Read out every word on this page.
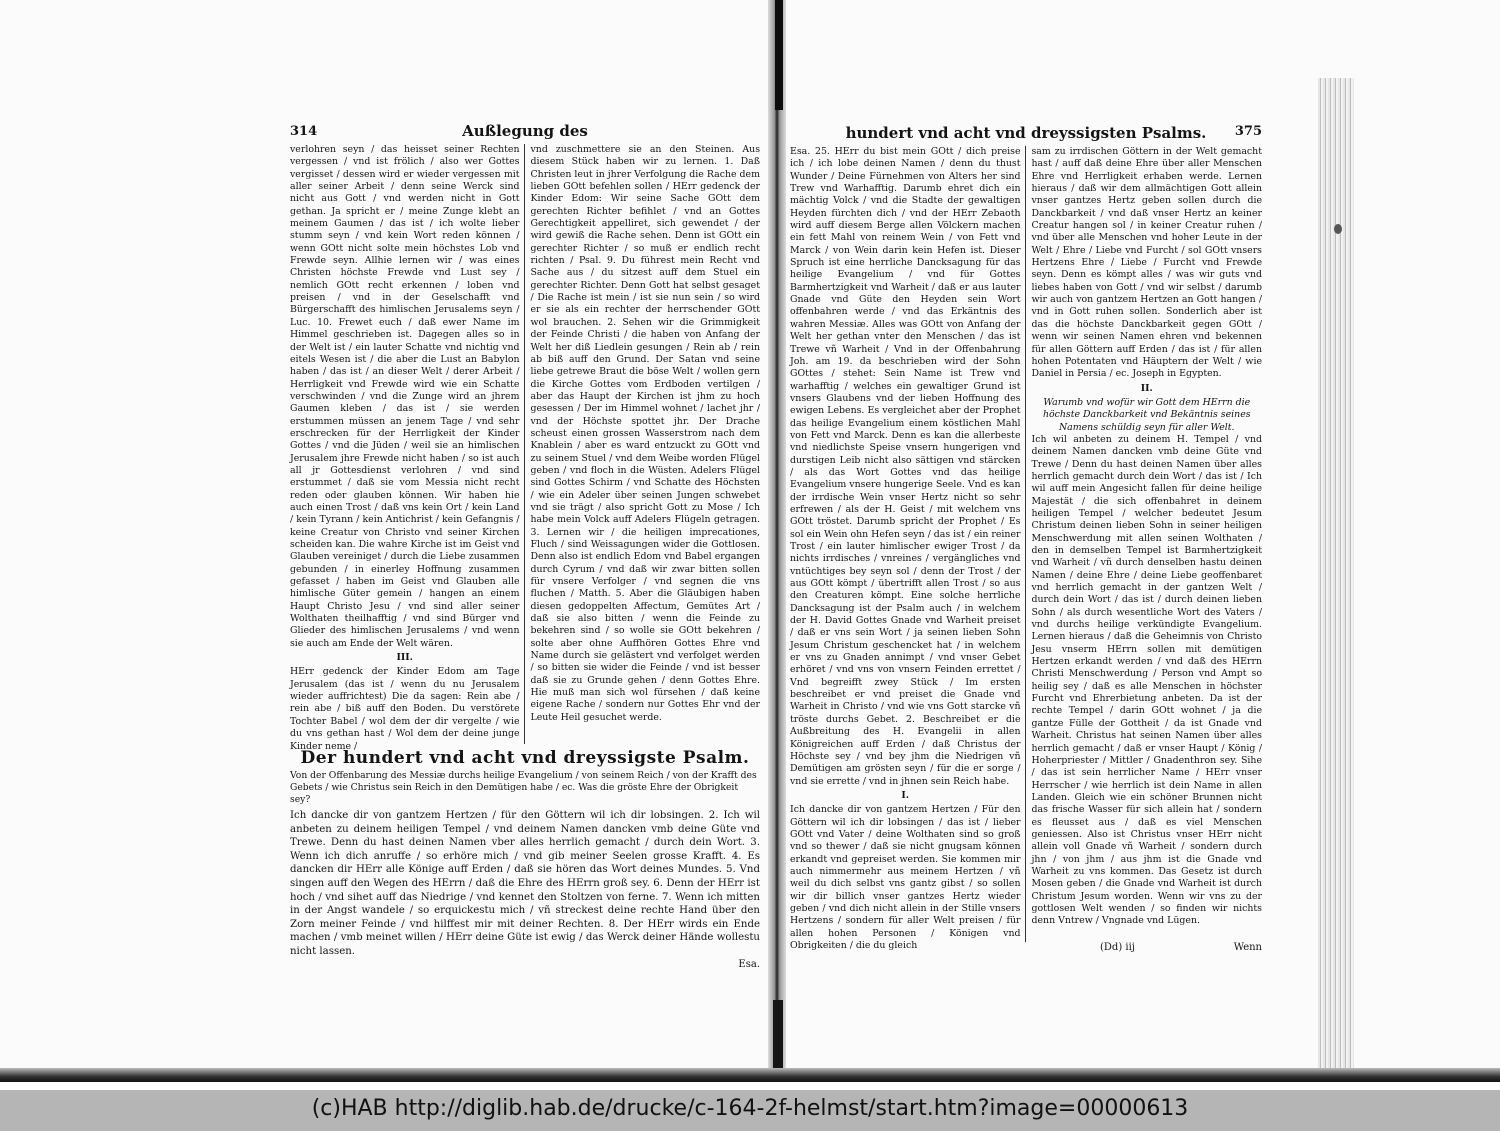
314	Außlegung des
verlohren seyn / das heisset seiner Rechten vergessen / vnd ist frölich / also wer Gottes vergisset / dessen wird er wieder vergessen mit aller seiner Arbeit / denn seine Werck sind nicht aus Gott / vnd werden nicht in Gott gethan. Ja spricht er / meine Zunge klebt an meinem Gaumen / das ist / ich wolte lieber stumm seyn / vnd kein Wort reden können / wenn GOtt nicht solte mein höchstes Lob vnd Frewde seyn. Allhie lernen wir / was eines Christen höchste Frewde vnd Lust sey / nemlich GOtt recht erkennen / loben vnd preisen / vnd in der Geselschafft vnd Bürgerschafft des himlischen Jerusalems seyn / Luc. 10. Frewet euch / daß ewer Name im Himmel geschrieben ist. Dagegen alles so in der Welt ist / ein lauter Schatte vnd nichtig vnd eitels Wesen ist / die aber die Lust an Babylon haben / das ist / an dieser Welt / derer Arbeit / Herrligkeit vnd Frewde wird wie ein Schatte verschwinden / vnd die Zunge wird an jhrem Gaumen kleben / das ist / sie werden erstummen müssen an jenem Tage / vnd sehr erschrecken für der Herrligkeit der Kinder Gottes / vnd die Jüden / weil sie an himlischen Jerusalem jhre Frewde nicht haben / so ist auch all jr Gottesdienst verlohren / vnd sind erstummet / daß sie vom Messia nicht recht reden oder glauben können. Wir haben hie auch einen Trost / daß vns kein Ort / kein Land / kein Tyrann / kein Antichrist / kein Gefangnis / keine Creatur von Christo vnd seiner Kirchen scheiden kan. Die wahre Kirche ist im Geist vnd Glauben vereiniget / durch die Liebe zusammen gebunden / in einerley Hoffnung zusammen gefasset / haben im Geist vnd Glauben alle himlische Güter gemein / hangen an einem Haupt Christo Jesu / vnd sind aller seiner Wolthaten theilhafftig / vnd sind Bürger vnd Glieder des himlischen Jerusalems / vnd wenn sie auch am Ende der Welt wären.
III.
HErr gedenck der Kinder Edom am Tage Jerusalem (das ist / wenn du nu Jerusalem wieder auffrichtest) Die da sagen: Rein abe / rein abe / biß auff den Boden. Du verstörete Tochter Babel / wol dem der dir vergelte / wie du vns gethan hast / Wol dem der deine junge Kinder neme /
vnd zuschmettere sie an den Steinen. Aus diesem Stück haben wir zu lernen. 1. Daß Christen leut in jhrer Verfolgung die Rache dem lieben GOtt befehlen sollen / HErr gedenck der Kinder Edom: Wir seine Sache GOtt dem gerechten Richter befihlet / vnd an Gottes Gerechtigkeit appelliret, sich gewendet / der wird gewiß die Rache sehen. Denn ist GOtt ein gerechter Richter / so muß er endlich recht richten / Psal. 9. Du führest mein Recht vnd Sache aus / du sitzest auff dem Stuel ein gerechter Richter. Denn Gott hat selbst gesaget / Die Rache ist mein / ist sie nun sein / so wird er sie als ein rechter der herrschender GOtt wol brauchen. 2. Sehen wir die Grimmigkeit der Feinde Christi / die haben von Anfang der Welt her diß Liedlein gesungen / Rein ab / rein ab biß auff den Grund. Der Satan vnd seine liebe getrewe Braut die böse Welt / wollen gern die Kirche Gottes vom Erdboden vertilgen / aber das Haupt der Kirchen ist jhm zu hoch gesessen / Der im Himmel wohnet / lachet jhr / vnd der Höchste spottet jhr. Der Drache scheust einen grossen Wasserstrom nach dem Knablein / aber es ward entzuckt zu GOtt vnd zu seinem Stuel / vnd dem Weibe worden Flügel geben / vnd floch in die Wüsten. Adelers Flügel sind Gottes Schirm / vnd Schatte des Höchsten / wie ein Adeler über seinen Jungen schwebet vnd sie trägt / also spricht Gott zu Mose / Ich habe mein Volck auff Adelers Flügeln getragen. 3. Lernen wir / die heiligen imprecationes, Fluch / sind Weissagungen wider die Gottlosen. Denn also ist endlich Edom vnd Babel ergangen durch Cyrum / vnd daß wir zwar bitten sollen für vnsere Verfolger / vnd segnen die vns fluchen / Matth. 5. Aber die Gläubigen haben diesen gedoppelten Affectum, Gemütes Art / daß sie also bitten / wenn die Feinde zu bekehren sind / so wolle sie GOtt bekehren / solte aber ohne Auffhören Gottes Ehre vnd Name durch sie gelästert vnd verfolget werden / so bitten sie wider die Feinde / vnd ist besser daß sie zu Grunde gehen / denn Gottes Ehre. Hie muß man sich wol fürsehen / daß keine eigene Rache / sondern nur Gottes Ehr vnd der Leute Heil gesuchet werde.
Der hundert vnd acht vnd dreyssigste Psalm.
Von der Offenbarung des Messiæ durchs heilige Evangelium / von seinem Reich / von der Krafft des Gebets / wie Christus sein Reich in den Demütigen habe / ec. Was die gröste Ehre der Obrigkeit sey?
Ich dancke dir von gantzem Hertzen / für den Göttern wil ich dir lobsingen. 2. Ich wil anbeten zu deinem heiligen Tempel / vnd deinem Namen dancken vmb deine Güte vnd Trewe. Denn du hast deinen Namen vber alles herrlich gemacht / durch dein Wort. 3. Wenn ich dich anruffe / so erhöre mich / vnd gib meiner Seelen grosse Krafft. 4. Es dancken dir HErr alle Könige auff Erden / daß sie hören das Wort deines Mundes. 5. Vnd singen auff den Wegen des HErrn / daß die Ehre des HErrn groß sey. 6. Denn der HErr ist hoch / vnd sihet auff das Niedrige / vnd kennet den Stoltzen von ferne. 7. Wenn ich mitten in der Angst wandele / so erquickestu mich / vñ streckest deine rechte Hand über den Zorn meiner Feinde / vnd hilffest mir mit deiner Rechten. 8. Der HErr wirds ein Ende machen / vmb meinet willen / HErr deine Güte ist ewig / das Werck deiner Hände wollestu nicht lassen.
Esa.
hundert vnd acht vnd dreyssigsten Psalms.	375
Esa. 25. HErr du bist mein GOtt / dich preise ich / ich lobe deinen Namen / denn du thust Wunder / Deine Fürnehmen von Alters her sind Trew vnd Warhafftig. Darumb ehret dich ein mächtig Volck / vnd die Stadte der gewaltigen Heyden fürchten dich / vnd der HErr Zebaoth wird auff diesem Berge allen Völckern machen ein fett Mahl von reinem Wein / von Fett vnd Marck / von Wein darin kein Hefen ist. Dieser Spruch ist eine herrliche Dancksagung für das heilige Evangelium / vnd für Gottes Barmhertzigkeit vnd Warheit / daß er aus lauter Gnade vnd Güte den Heyden sein Wort offenbahren werde / vnd das Erkäntnis des wahren Messiæ. Alles was GOtt von Anfang der Welt her gethan vnter den Menschen / das ist Trewe vñ Warheit / Vnd in der Offenbahrung Joh. am 19. da beschrieben wird der Sohn GOttes / stehet: Sein Name ist Trew vnd warhafftig / welches ein gewaltiger Grund ist vnsers Glaubens vnd der lieben Hoffnung des ewigen Lebens. Es vergleichet aber der Prophet das heilige Evangelium einem köstlichen Mahl von Fett vnd Marck. Denn es kan die allerbeste vnd niedlichste Speise vnsern hungerigen vnd durstigen Leib nicht also sättigen vnd stärcken / als das Wort Gottes vnd das heilige Evangelium vnsere hungerige Seele. Vnd es kan der irrdische Wein vnser Hertz nicht so sehr erfrewen / als der H. Geist / mit welchem vns GOtt tröstet. Darumb spricht der Prophet / Es sol ein Wein ohn Hefen seyn / das ist / ein reiner Trost / ein lauter himlischer ewiger Trost / da nichts irrdisches / vnreines / vergängliches vnd vntüchtiges bey seyn sol / denn der Trost / der aus GOtt kömpt / übertrifft allen Trost / so aus den Creaturen kömpt. Eine solche herrliche Dancksagung ist der Psalm auch / in welchem der H. David Gottes Gnade vnd Warheit preiset / daß er vns sein Wort / ja seinen lieben Sohn Jesum Christum geschencket hat / in welchem er vns zu Gnaden annimpt / vnd vnser Gebet erhöret / vnd vns von vnsern Feinden errettet / Vnd begreifft zwey Stück / Im ersten beschreibet er vnd preiset die Gnade vnd Warheit in Christo / vnd wie vns Gott starcke vñ tröste durchs Gebet. 2. Beschreibet er die Außbreitung des H. Evangelii in allen Königreichen auff Erden / daß Christus der Höchste sey / vnd bey jhm die Niedrigen vñ Demütigen am grösten seyn / für die er sorge / vnd sie errette / vnd in jhnen sein Reich habe.
I.
Ich dancke dir von gantzem Hertzen / Für den Göttern wil ich dir lobsingen / das ist / lieber GOtt vnd Vater / deine Wolthaten sind so groß vnd so thewer / daß sie nicht gnugsam können erkandt vnd gepreiset werden. Sie kommen mir auch nimmermehr aus meinem Hertzen / vñ weil du dich selbst vns gantz gibst / so sollen wir dir billich vnser gantzes Hertz wieder geben / vnd dich nicht allein in der Stille vnsers Hertzens / sondern für aller Welt preisen / für allen hohen Personen / Königen vnd Obrigkeiten / die du gleich
sam zu irrdischen Göttern in der Welt gemacht hast / auff daß deine Ehre über aller Menschen Ehre vnd Herrligkeit erhaben werde. Lernen hieraus / daß wir dem allmächtigen Gott allein vnser gantzes Hertz geben sollen durch die Danckbarkeit / vnd daß vnser Hertz an keiner Creatur hangen sol / in keiner Creatur ruhen / vnd über alle Menschen vnd hoher Leute in der Welt / Ehre / Liebe vnd Furcht / sol GOtt vnsers Hertzens Ehre / Liebe / Furcht vnd Frewde seyn. Denn es kömpt alles / was wir guts vnd liebes haben von Gott / vnd wir selbst / darumb wir auch von gantzem Hertzen an Gott hangen / vnd in Gott ruhen sollen. Sonderlich aber ist das die höchste Danckbarkeit gegen GOtt / wenn wir seinen Namen ehren vnd bekennen für allen Göttern auff Erden / das ist / für allen hohen Potentaten vnd Häuptern der Welt / wie Daniel in Persia / ec. Joseph in Egypten.
II.
Warumb vnd wofür wir Gott dem HErrn die höchste Danckbarkeit vnd Bekäntnis seines Namens schüldig seyn für aller Welt.
Ich wil anbeten zu deinem H. Tempel / vnd deinem Namen dancken vmb deine Güte vnd Trewe / Denn du hast deinen Namen über alles herrlich gemacht durch dein Wort / das ist / Ich wil auff mein Angesicht fallen für deine heilige Majestät / die sich offenbahret in deinem heiligen Tempel / welcher bedeutet Jesum Christum deinen lieben Sohn in seiner heiligen Menschwerdung mit allen seinen Wolthaten / den in demselben Tempel ist Barmhertzigkeit vnd Warheit / vñ durch denselben hastu deinen Namen / deine Ehre / deine Liebe geoffenbaret vnd herrlich gemacht in der gantzen Welt / durch dein Wort / das ist / durch deinen lieben Sohn / als durch wesentliche Wort des Vaters / vnd durchs heilige verkündigte Evangelium. Lernen hieraus / daß die Geheimnis von Christo Jesu vnserm HErrn sollen mit demütigen Hertzen erkandt werden / vnd daß des HErrn Christi Menschwerdung / Person vnd Ampt so heilig sey / daß es alle Menschen in höchster Furcht vnd Ehrerbietung anbeten. Da ist der rechte Tempel / darin GOtt wohnet / ja die gantze Fülle der Gottheit / da ist Gnade vnd Warheit. Christus hat seinen Namen über alles herrlich gemacht / daß er vnser Haupt / König / Hoherpriester / Mittler / Gnadenthron sey. Sihe / das ist sein herrlicher Name / HErr vnser Herrscher / wie herrlich ist dein Name in allen Landen. Gleich wie ein schöner Brunnen nicht das frische Wasser für sich allein hat / sondern es fleusset aus / daß es viel Menschen geniessen. Also ist Christus vnser HErr nicht allein voll Gnade vñ Warheit / sondern durch jhn / von jhm / aus jhm ist die Gnade vnd Warheit zu vns kommen. Das Gesetz ist durch Mosen geben / die Gnade vnd Warheit ist durch Christum Jesum worden. Wenn wir vns zu der gottlosen Welt wenden / so finden wir nichts denn Vntrew / Vngnade vnd Lügen.
(Dd) iij	Wenn
(c)HAB http://diglib.hab.de/drucke/c-164-2f-helmst/start.htm?image=00000613
